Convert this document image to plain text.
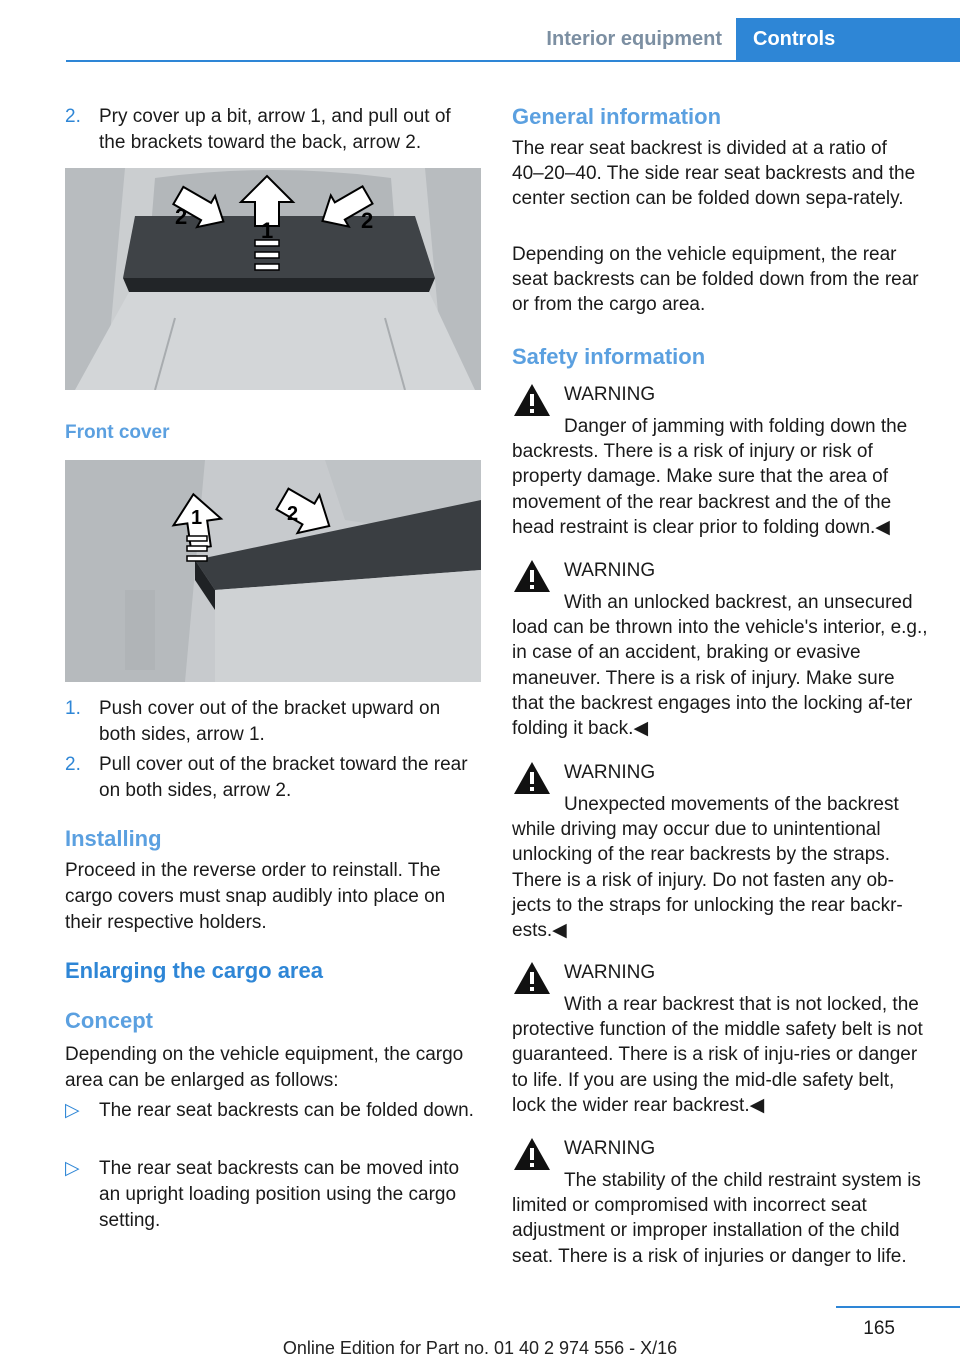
Interior equipment	Controls
2. Pry cover up a bit, arrow 1, and pull out of the brackets toward the back, arrow 2.
2
1	2
Front cover
1	2
1. Push cover out of the bracket upward on both sides, arrow 1.
2. Pull cover out of the bracket toward the rear on both sides, arrow 2.
Installing
Proceed in the reverse order to reinstall. The cargo covers must snap audibly into place on their respective holders.
Enlarging the cargo area
Concept
Depending on the vehicle equipment, the cargo area can be enlarged as follows:
▷ The rear seat backrests can be folded down.
▷ The rear seat backrests can be moved into an upright loading position using the cargo setting.
General information
The rear seat backrest is divided at a ratio of 40–20–40. The side rear seat backrests and the center section can be folded down sepa‐rately.
Depending on the vehicle equipment, the rear seat backrests can be folded down from the rear or from the cargo area.
Safety information
WARNING
Danger of jamming with folding down the backrests. There is a risk of injury or risk of property damage. Make sure that the area of movement of the rear backrest and the of the head restraint is clear prior to folding down.◀
WARNING
With an unlocked backrest, an unsecured load can be thrown into the vehicle's interior, e.g., in case of an accident, braking or evasive maneuver. There is a risk of injury. Make sure that the backrest engages into the locking af‐ter folding it back.◀
WARNING
Unexpected movements of the backrest while driving may occur due to unintentional unlocking of the rear backrests by the straps. There is a risk of injury. Do not fasten any ob‐jects to the straps for unlocking the rear backr‐ests.◀
WARNING
With a rear backrest that is not locked, the protective function of the middle safety belt is not guaranteed. There is a risk of inju‐ries or danger to life. If you are using the mid‐dle safety belt, lock the wider rear backrest.◀
WARNING
The stability of the child restraint system is limited or compromised with incorrect seat adjustment or improper installation of the child seat. There is a risk of injuries or danger to life.
165
Online Edition for Part no. 01 40 2 974 556 - X/16
